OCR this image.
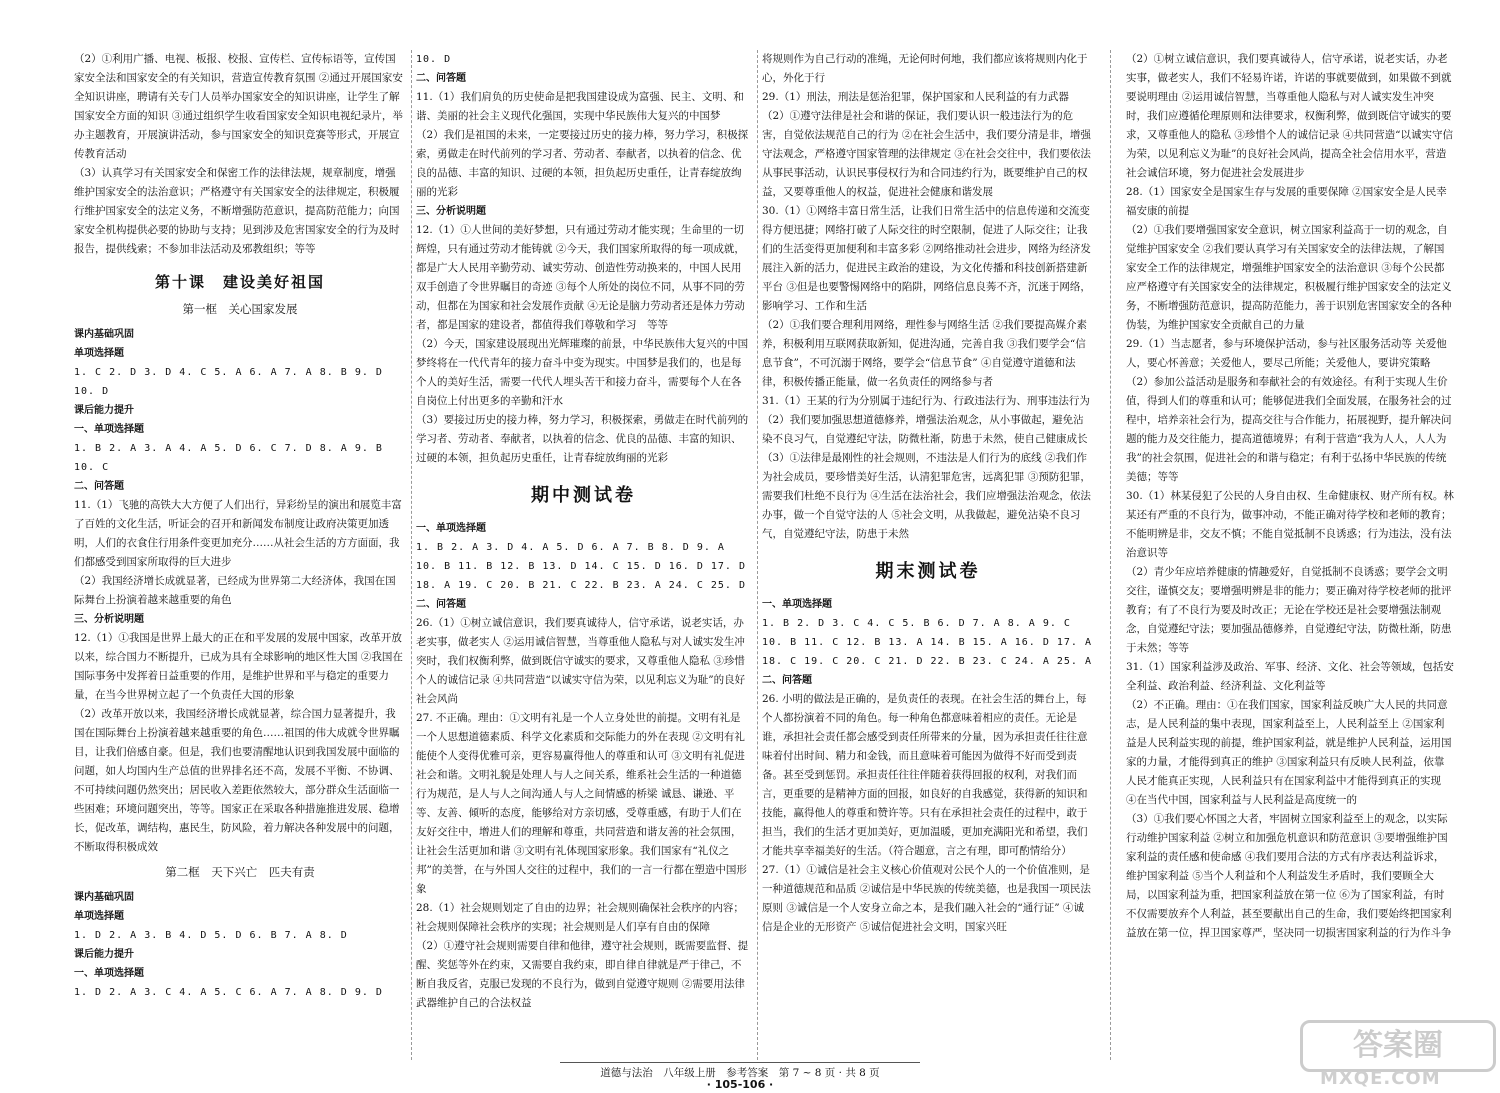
（2）①利用广播、电视、板报、校报、宣传栏、宣传标语等，宣传国家安全法和国家安全的有关知识，营造宣传教育氛围 ②通过开展国家安全知识讲座，聘请有关专门人员举办国家安全的知识讲座，让学生了解国家安全方面的知识 ③通过组织学生收看国家安全知识电视纪录片，举办主题教育，开展演讲活动，参与国家安全的知识竞赛等形式，开展宣传教育活动

（3）认真学习有关国家安全和保密工作的法律法规，规章制度，增强维护国家安全的法治意识；严格遵守有关国家安全的法律规定，积极履行维护国家安全的法定义务，不断增强防范意识，提高防范能力；向国家安全机构提供必要的协助与支持；见到涉及危害国家安全的行为及时报告，提供线索；不参加非法活动及邪教组织；等等

第十课　建设美好祖国
第一框　关心国家发展

课内基础巩固

单项选择题

1. C 2. D 3. D 4. C 5. A 6. A 7. A 8. B 9. D

10. D

课后能力提升

一、单项选择题

1. B 2. A 3. A 4. A 5. D 6. C 7. D 8. A 9. B

10. C

二、问答题

11.（1）飞驰的高铁大大方便了人们出行，异彩纷呈的演出和展览丰富了百姓的文化生活，听证会的召开和新闻发布制度让政府决策更加透明，人们的衣食住行用条件变更加充分……从社会生活的方方面面，我们都感受到国家所取得的巨大进步

（2）我国经济增长成就显著，已经成为世界第二大经济体，我国在国际舞台上扮演着越来越重要的角色

三、分析说明题

12.（1）①我国是世界上最大的正在和平发展的发展中国家，改革开放以来，综合国力不断提升，已成为具有全球影响的地区性大国 ②我国在国际事务中发挥着日益重要的作用，是维护世界和平与稳定的重要力量，在当今世界树立起了一个负责任大国的形象

（2）改革开放以来，我国经济增长成就显著，综合国力显著提升，我国在国际舞台上扮演着越来越重要的角色……祖国的伟大成就令世界瞩目，让我们倍感自豪。但是，我们也要清醒地认识到我国发展中面临的问题，如人均国内生产总值的世界排名还不高，发展不平衡、不协调、不可持续问题仍然突出；居民收入差距依然较大，部分群众生活面临一些困难；环境问题突出，等等。国家正在采取各种措施推进发展、稳增长，促改革，调结构，惠民生，防风险，着力解决各种发展中的问题，不断取得积极成效

第二框　天下兴亡　匹夫有责

课内基础巩固

单项选择题

1. D 2. A 3. B 4. D 5. D 6. B 7. A 8. D

课后能力提升

一、单项选择题

1. D 2. A 3. C 4. A 5. C 6. A 7. A 8. D 9. D

10. D

二、问答题

11.（1）我们肩负的历史使命是把我国建设成为富强、民主、文明、和谐、美丽的社会主义现代化强国，实现中华民族伟大复兴的中国梦

（2）我们是祖国的未来，一定要接过历史的接力棒，努力学习，积极探索，勇做走在时代前列的学习者、劳动者、奉献者，以执着的信念、优良的品德、丰富的知识、过硬的本领，担负起历史重任，让青春绽放绚丽的光彩

三、分析说明题

12.（1）①人世间的美好梦想，只有通过劳动才能实现；生命里的一切辉煌，只有通过劳动才能铸就 ②今天，我们国家所取得的每一项成就，都是广大人民用辛勤劳动、诚实劳动、创造性劳动换来的，中国人民用双手创造了令世界瞩目的奇迹 ③每个人所处的岗位不同，从事不同的劳动，但都在为国家和社会发展作贡献 ④无论是脑力劳动者还是体力劳动者，都是国家的建设者，都值得我们尊敬和学习　等等

（2）今天，国家建设展现出光辉璀璨的前景，中华民族伟大复兴的中国梦终将在一代代青年的接力奋斗中变为现实。中国梦是我们的，也是每个人的美好生活，需要一代代人埋头苦干和接力奋斗，需要每个人在各自岗位上付出更多的辛勤和汗水

（3）要接过历史的接力棒，努力学习，积极探索，勇做走在时代前列的学习者、劳动者、奉献者，以执着的信念、优良的品德、丰富的知识、过硬的本领，担负起历史重任，让青春绽放绚丽的光彩

期中测试卷

一、单项选择题

1. B 2. A 3. D 4. A 5. D 6. A 7. B 8. D 9. A

10. B 11. B 12. B 13. D 14. C 15. D 16. D 17. D

18. A 19. C 20. B 21. C 22. B 23. A 24. C 25. D

二、问答题

26.（1）①树立诚信意识，我们要真诚待人，信守承诺，说老实话，办老实事，做老实人 ②运用诚信智慧，当尊重他人隐私与对人诚实发生冲突时，我们权衡利弊，做到既信守诚实的要求，又尊重他人隐私 ③珍惜个人的诚信记录 ④共同营造“以诚实守信为荣，以见利忘义为耻”的良好社会风尚

27. 不正确。理由：①文明有礼是一个人立身处世的前提。文明有礼是一个人思想道德素质、科学文化素质和交际能力的外在表现 ②文明有礼能使个人变得优雅可亲，更容易赢得他人的尊重和认可 ③文明有礼促进社会和谐。文明礼貌是处理人与人之间关系，维系社会生活的一种道德行为规范，是人与人之间沟通人与人之间情感的桥梁 诚恳、谦逊、平等、友善、倾听的态度，能够给对方亲切感，受尊重感，有助于人们在友好交往中，增进人们的理解和尊重，共同营造和谐友善的社会氛围，让社会生活更加和谐 ③文明有礼体现国家形象。我们国家有“礼仪之邦”的美誉，在与外国人交往的过程中，我们的一言一行都在塑造中国形象

28.（1）社会规则划定了自由的边界；社会规则确保社会秩序的内容；社会规则保障社会秩序的实现；社会规则是人们享有自由的保障

（2）①遵守社会规则需要自律和他律，遵守社会规则，既需要监督、提醒、奖惩等外在约束，又需要自我约束，即自律自律就是严于律己，不断自我反省，克服已发现的不良行为，做到自觉遵守规则 ②需要用法律武器维护自己的合法权益

将规则作为自己行动的准绳，无论何时何地，我们都应该将规则内化于心，外化于行

29.（1）刑法，刑法是惩治犯罪，保护国家和人民利益的有力武器

（2）①遵守法律是社会和谐的保证，我们要认识一般违法行为的危害，自觉依法规范自己的行为 ②在社会生活中，我们要分清是非，增强守法观念，严格遵守国家管理的法律规定 ③在社会交往中，我们要依法从事民事活动，认识民事侵权行为和合同违约行为，既要维护自己的权益，又要尊重他人的权益，促进社会健康和谐发展

30.（1）①网络丰富日常生活，让我们日常生活中的信息传递和交流变得方便迅捷；网络打破了人际交往的时空限制，促进了人际交往；让我们的生活变得更加便利和丰富多彩 ②网络推动社会进步，网络为经济发展注入新的活力，促进民主政治的建设，为文化传播和科技创新搭建新平台 ③但是也要警惕网络中的陷阱，网络信息良莠不齐，沉迷于网络，影响学习、工作和生活

（2）①我们要合理利用网络，理性参与网络生活 ②我们要提高媒介素养，积极利用互联网获取新知，促进沟通，完善自我 ③我们要学会“信息节食”，不可沉溺于网络，要学会“信息节食” ④自觉遵守道德和法律，积极传播正能量，做一名负责任的网络参与者

31.（1）王某的行为分别属于违纪行为、行政违法行为、刑事违法行为

（2）我们要加强思想道德修养，增强法治观念，从小事做起，避免沾染不良习气，自觉遵纪守法，防微杜渐，防患于未然，使自己健康成长

（3）①法律是最刚性的社会规则，不违法是人们行为的底线 ②我们作为社会成员，要珍惜美好生活，认清犯罪危害，远离犯罪 ③预防犯罪，需要我们杜绝不良行为 ④生活在法治社会，我们应增强法治观念，依法办事，做一个自觉守法的人 ⑤社会文明，从我做起，避免沾染不良习气，自觉遵纪守法，防患于未然

期末测试卷

一、单项选择题

1. B 2. D 3. C 4. C 5. B 6. D 7. A 8. A 9. C

10. B 11. C 12. B 13. A 14. B 15. A 16. D 17. A

18. C 19. C 20. C 21. D 22. B 23. C 24. A 25. A

二、问答题

26. 小明的做法是正确的，是负责任的表现。在社会生活的舞台上，每个人都扮演着不同的角色。每一种角色都意味着相应的责任。无论是谁，承担社会责任都会感受到责任所带来的分量，因为承担责任往往意味着付出时间、精力和金钱，而且意味着可能因为做得不好而受到责备。甚至受到惩罚。承担责任往往伴随着获得回报的权利，对我们而言，更重要的是精神方面的回报，如良好的自我感觉，获得新的知识和技能，赢得他人的尊重和赞许等。只有在承担社会责任的过程中，敢于担当，我们的生活才更加美好，更加温暖，更加充满阳光和希望，我们才能共享幸福美好的生活。（符合题意，言之有理，即可酌情给分）

27.（1）①诚信是社会主义核心价值观对公民个人的一个价值准则，是一种道德规范和品质 ②诚信是中华民族的传统美德，也是我国一项民法原则 ③诚信是一个人安身立命之本，是我们融入社会的“通行证” ④诚信是企业的无形资产 ⑤诚信促进社会文明，国家兴旺

（2）①树立诚信意识，我们要真诚待人，信守承诺，说老实话，办老实事，做老实人，我们不轻易许诺，许诺的事就要做到，如果做不到就要说明理由 ②运用诚信智慧，当尊重他人隐私与对人诚实发生冲突时，我们应遵循伦理原则和法律要求，权衡利弊，做到既信守诚实的要求，又尊重他人的隐私 ③珍惜个人的诚信记录 ④共同营造“以诚实守信为荣，以见利忘义为耻”的良好社会风尚，提高全社会信用水平，营造社会诚信环境，努力促进社会发展进步

28.（1）国家安全是国家生存与发展的重要保障 ②国家安全是人民幸福安康的前提

（2）①我们要增强国家安全意识，树立国家利益高于一切的观念，自觉维护国家安全 ②我们要认真学习有关国家安全的法律法规，了解国家安全工作的法律规定，增强维护国家安全的法治意识 ③每个公民都应严格遵守有关国家安全的法律规定，积极履行维护国家安全的法定义务，不断增强防范意识，提高防范能力，善于识别危害国家安全的各种伪装，为维护国家安全贡献自己的力量

29.（1）当志愿者，参与环境保护活动，参与社区服务活动等 关爱他人，要心怀善意；关爱他人，要尽己所能；关爱他人，要讲究策略

（2）参加公益活动是服务和奉献社会的有效途径。有利于实现人生价值，得到人们的尊重和认可；能够促进我们全面发展，在服务社会的过程中，培养亲社会行为，提高交往与合作能力，拓展视野，提升解决问题的能力及交往能力，提高道德境界；有利于营造“我为人人，人人为我”的社会氛围，促进社会的和谐与稳定；有利于弘扬中华民族的传统美德；等等

30.（1）林某侵犯了公民的人身自由权、生命健康权、财产所有权。林某还有严重的不良行为，做事冲动，不能正确对待学校和老师的教育；不能明辨是非，交友不慎；不能自觉抵制不良诱惑；行为违法，没有法治意识等

（2）青少年应培养健康的情趣爱好，自觉抵制不良诱惑；要学会文明交往，谨慎交友；要增强明辨是非的能力；要正确对待学校老师的批评教育；有了不良行为要及时改正；无论在学校还是社会要增强法制观念，自觉遵纪守法；要加强品德修养，自觉遵纪守法，防微杜渐，防患于未然；等等

31.（1）国家利益涉及政治、军事、经济、文化、社会等领域，包括安全利益、政治利益、经济利益、文化利益等

（2）不正确。理由：①在我们国家，国家利益反映广大人民的共同意志，是人民利益的集中表现，国家利益至上，人民利益至上 ②国家利益是人民利益实现的前提，维护国家利益，就是维护人民利益，运用国家的力量，才能得到真正的维护 ③国家利益只有反映人民利益，依靠人民才能真正实现，人民利益只有在国家利益中才能得到真正的实现 ④在当代中国，国家利益与人民利益是高度统一的

（3）①我们要心怀国之大者，牢固树立国家利益至上的观念，以实际行动维护国家利益 ②树立和加强危机意识和防范意识 ③要增强维护国家利益的责任感和使命感 ④我们要用合法的方式有序表达利益诉求，维护国家利益 ⑤当个人利益和个人利益发生矛盾时，我们要顾全大局，以国家利益为重，把国家利益放在第一位 ⑥为了国家利益，有时不仅需要放弃个人利益，甚至要献出自己的生命，我们要始终把国家利益放在第一位，捍卫国家尊严，坚决同一切损害国家利益的行为作斗争

道德与法治　八年级上册　参考答案　第 7 ~ 8 页 · 共 8 页
· 105-106 ·
答案圈
MXQE.COM
